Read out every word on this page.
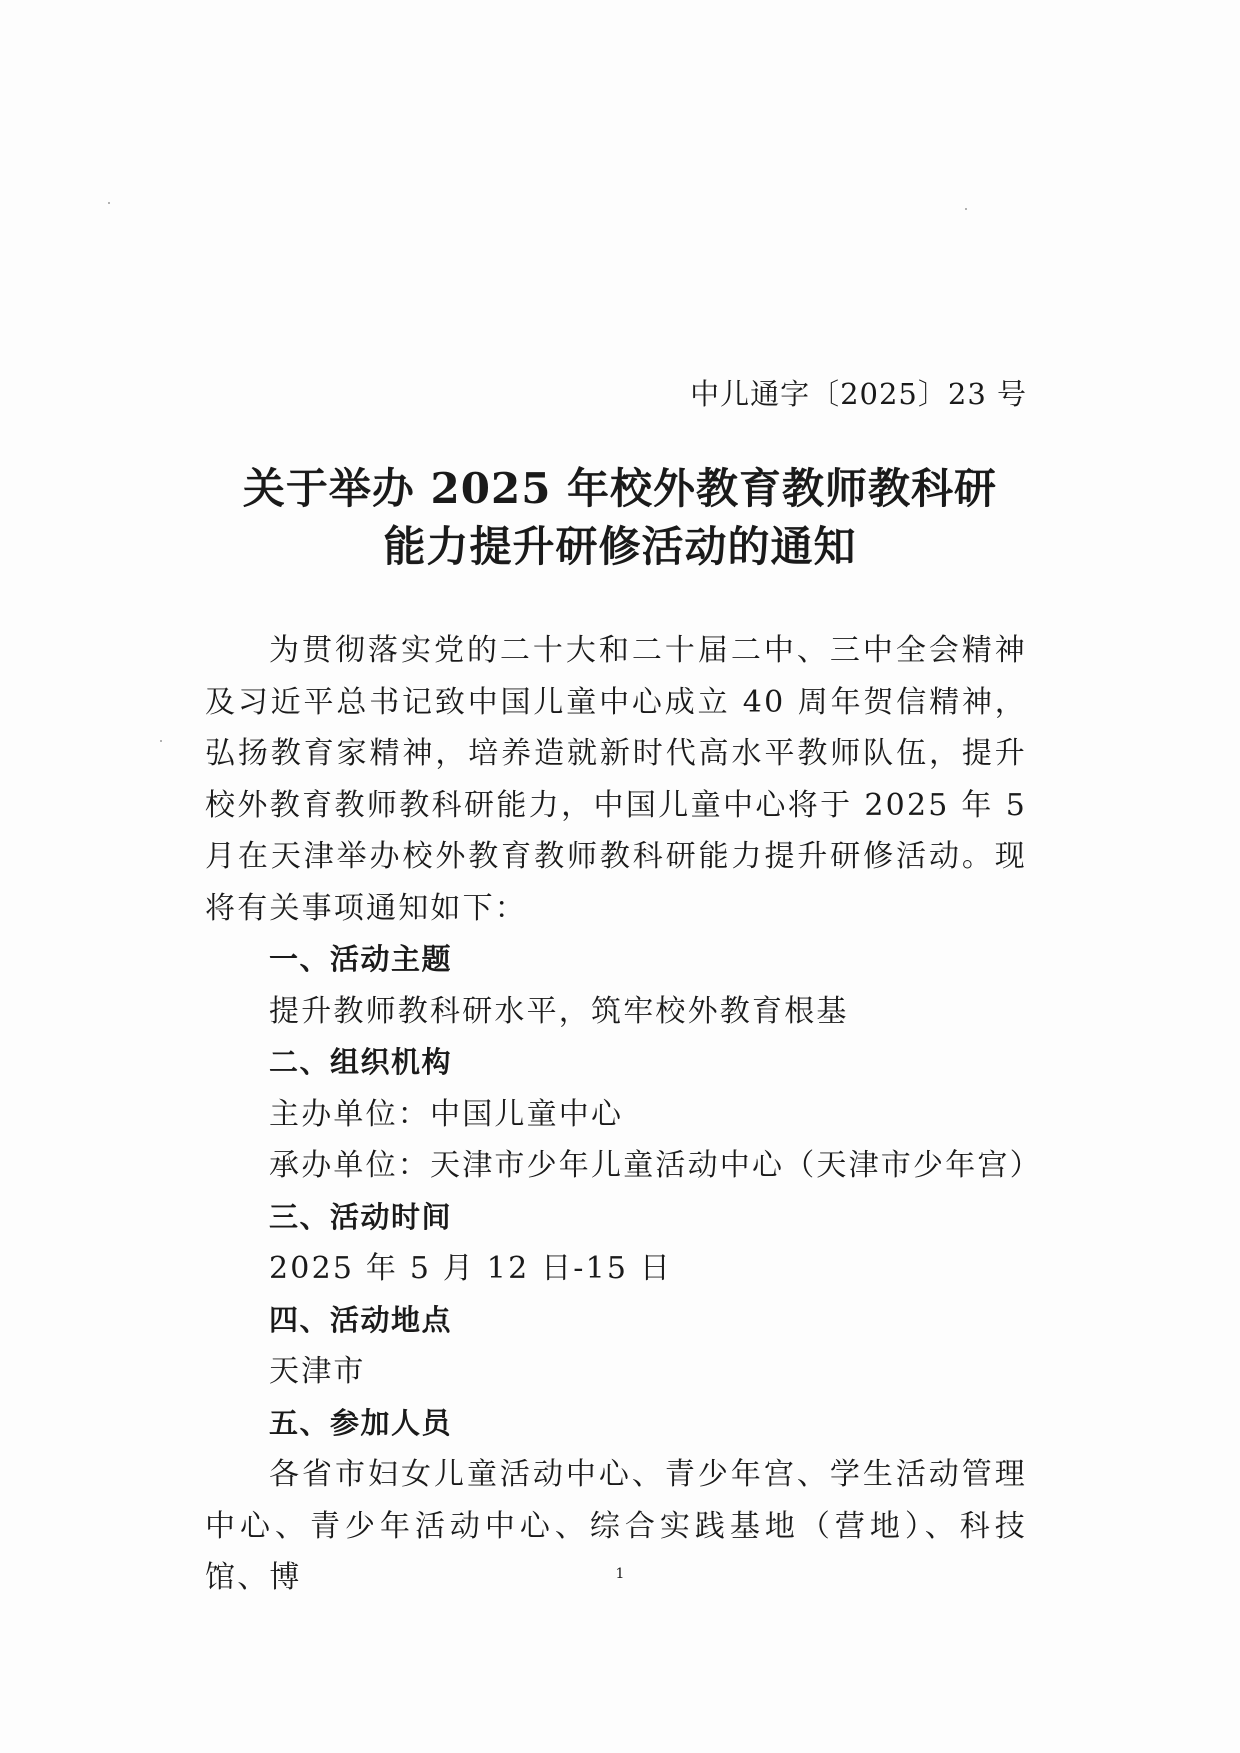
中儿通字〔2025〕23 号
关于举办 2025 年校外教育教师教科研
能力提升研修活动的通知

为贯彻落实党的二十大和二十届二中、三中全会精神及习近平总书记致中国儿童中心成立 40 周年贺信精神，弘扬教育家精神，培养造就新时代高水平教师队伍，提升校外教育教师教科研能力，中国儿童中心将于 2025 年 5 月在天津举办校外教育教师教科研能力提升研修活动。现将有关事项通知如下：

一、活动主题

提升教师教科研水平，筑牢校外教育根基

二、组织机构

主办单位：中国儿童中心

承办单位：天津市少年儿童活动中心（天津市少年宫）

三、活动时间

2025 年 5 月 12 日-15 日

四、活动地点

天津市

五、参加人员

各省市妇女儿童活动中心、青少年宫、学生活动管理中心、青少年活动中心、综合实践基地（营地）、科技馆、博	1
